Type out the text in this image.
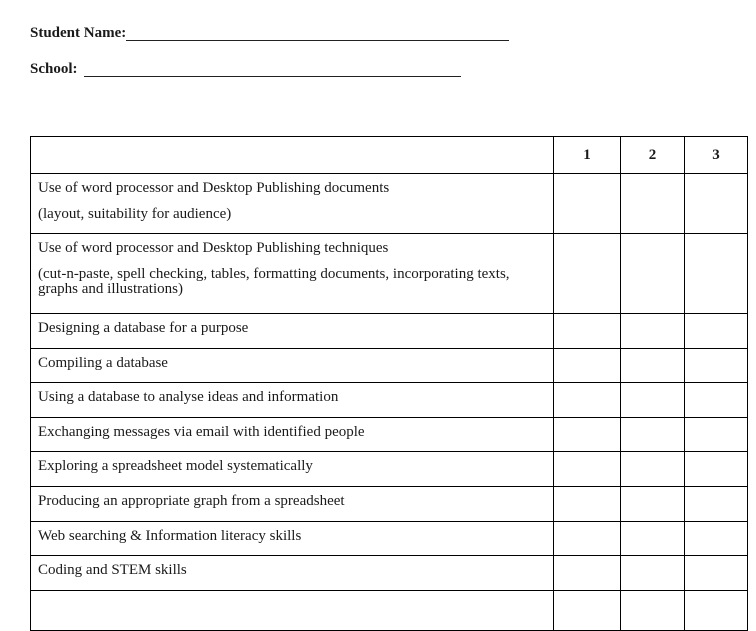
Student Name:
School:
	1	2	3

Use of word processor and Desktop Publishing documents

(layout, suitability for audience)			

Use of word processor and Desktop Publishing techniques

(cut-n-paste, spell checking, tables, formatting documents, incorporating texts, graphs and illustrations)			

Designing a database for a purpose			

Compiling a database			

Using a database to analyse ideas and information			

Exchanging messages via email with identified people			

Exploring a spreadsheet model systematically			

Producing an appropriate graph from a spreadsheet			

Web searching & Information literacy skills			

Coding and STEM skills			
